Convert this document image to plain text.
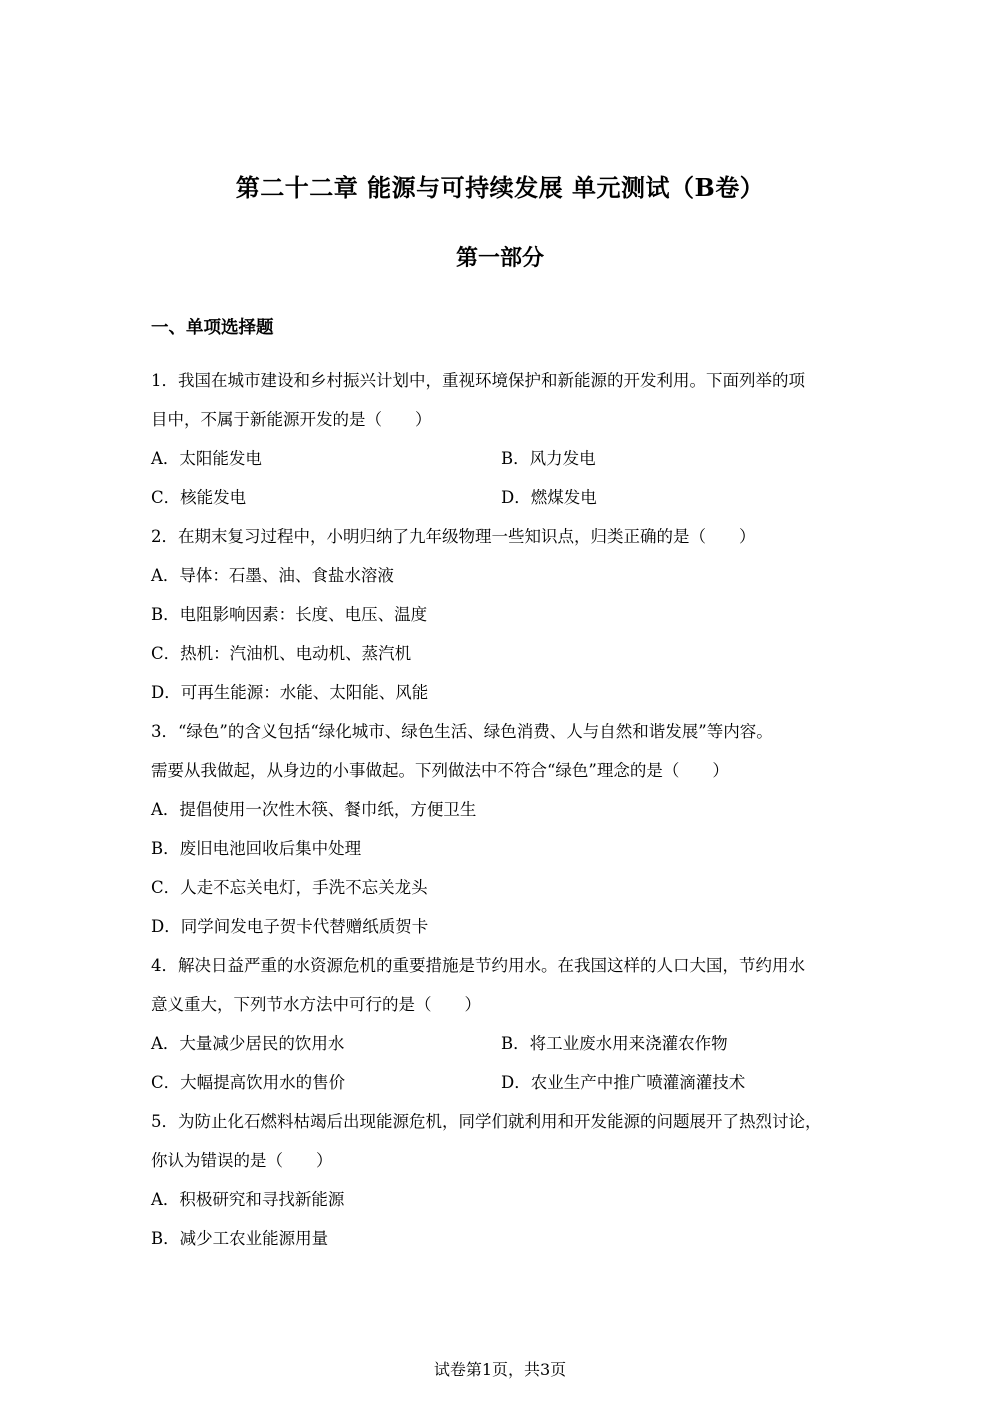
第二十二章 能源与可持续发展 单元测试（B卷）
第一部分
一、单项选择题
1．我国在城市建设和乡村振兴计划中，重视环境保护和新能源的开发利用。下面列举的项
目中，不属于新能源开发的是（　　）
A．太阳能发电	B．风力发电
C．核能发电	D．燃煤发电
2．在期末复习过程中，小明归纳了九年级物理一些知识点，归类正确的是（　　）
A．导体：石墨、油、食盐水溶液
B．电阻影响因素：长度、电压、温度
C．热机：汽油机、电动机、蒸汽机
D．可再生能源：水能、太阳能、风能
3．“绿色”的含义包括“绿化城市、绿色生活、绿色消费、人与自然和谐发展”等内容。
需要从我做起，从身边的小事做起。下列做法中不符合“绿色”理念的是（　　）
A．提倡使用一次性木筷、餐巾纸，方便卫生
B．废旧电池回收后集中处理
C．人走不忘关电灯，手洗不忘关龙头
D．同学间发电子贺卡代替赠纸质贺卡
4．解决日益严重的水资源危机的重要措施是节约用水。在我国这样的人口大国，节约用水
意义重大，下列节水方法中可行的是（　　）
A．大量减少居民的饮用水	B．将工业废水用来浇灌农作物
C．大幅提高饮用水的售价	D．农业生产中推广喷灌滴灌技术
5．为防止化石燃料枯竭后出现能源危机，同学们就利用和开发能源的问题展开了热烈讨论，
你认为错误的是（　　）
A．积极研究和寻找新能源
B．减少工农业能源用量
试卷第1页，共3页
